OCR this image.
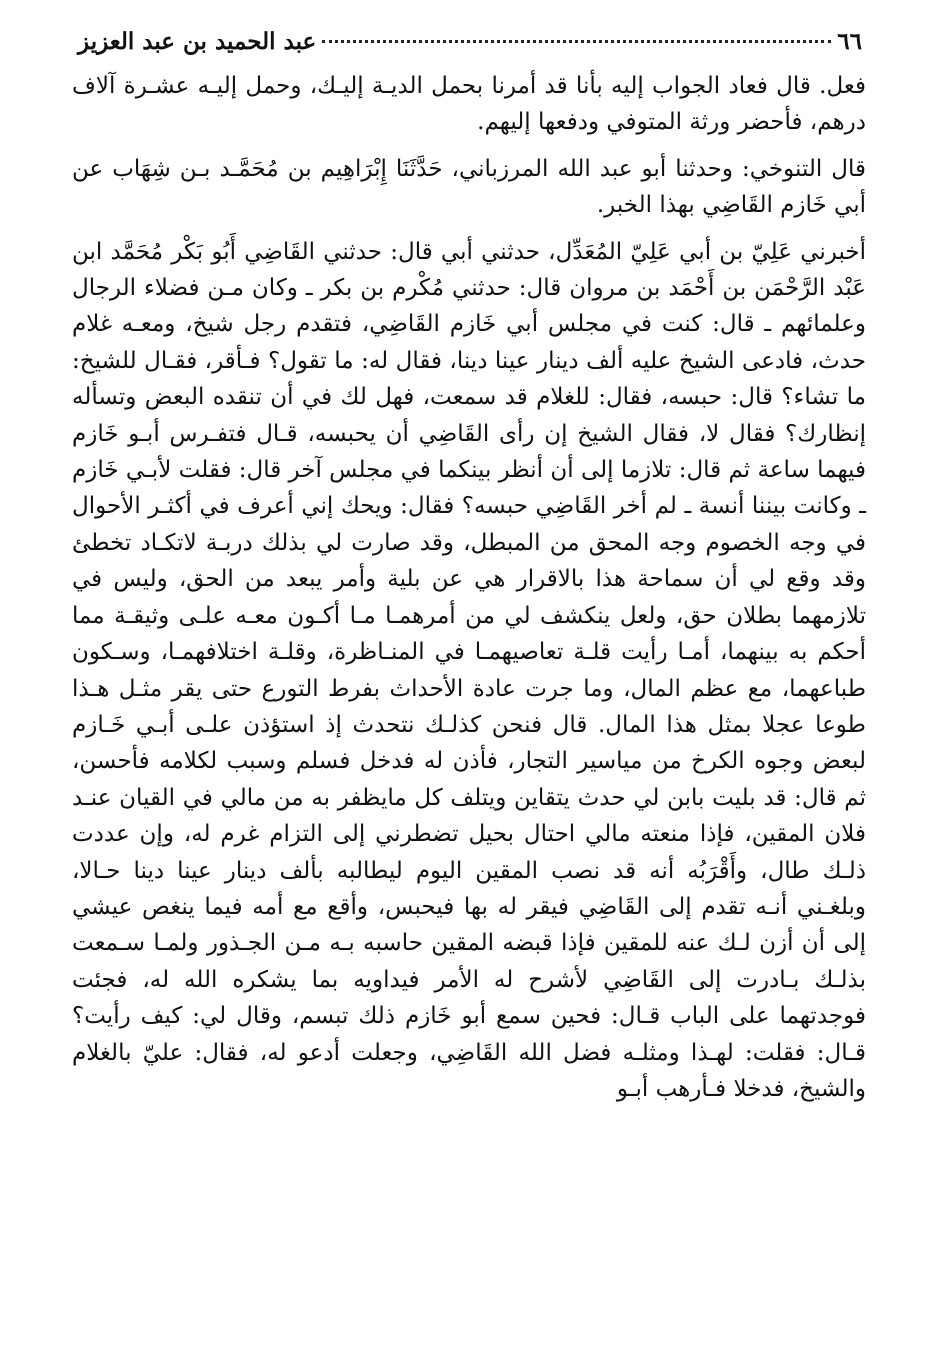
٦٦
عبد الحميد بن عبد العزيز

فعل. قال فعاد الجواب إليه بأنا قد أمرنا بحمل الديـة إليـك، وحمل إليـه عشـرة آلاف درهم، فأحضر ورثة المتوفي ودفعها إليهم.

قال التنوخي: وحدثنا أبو عبد الله المرزباني، حَدَّثَنَا إِبْرَاهِيم بن مُحَمَّـد بـن شِهَاب عن أبي خَازم القَاضِي بهذا الخبر.

أخبرني عَلِيّ بن أبي عَلِيّ المُعَدِّل، حدثني أبي قال: حدثني القَاضِي أَبُو بَكْر مُحَمَّد ابن عَبْد الرَّحْمَن بن أَحْمَد بن مروان قال: حدثني مُكْرم بن بكر ـ وكان مـن فضلاء الرجال وعلمائهم ـ قال: كنت في مجلس أبي خَازم القَاضِي، فتقدم رجل شيخ، ومعـه غلام حدث، فادعى الشيخ عليه ألف دينار عينا دينا، فقال له: ما تقول؟ فـأقر، فقـال للشيخ: ما تشاء؟ قال: حبسه، فقال: للغلام قد سمعت، فهل لك في أن تنقده البعض وتسأله إنظارك؟ فقال لا، فقال الشيخ إن رأى القَاضِي أن يحبسه، قـال فتفـرس أبـو خَازم فيهما ساعة ثم قال: تلازما إلى أن أنظر بينكما في مجلس آخر قال: فقلت لأبـي خَازم ـ وكانت بيننا أنسة ـ لم أخر القَاضِي حبسه؟ فقال: ويحك إني أعرف في أكثـر الأحوال في وجه الخصوم وجه المحق من المبطل، وقد صارت لي بذلك دربـة لاتكـاد تخطئ وقد وقع لي أن سماحة هذا بالاقرار هي عن بلية وأمر يبعد من الحق، وليس في تلازمهما بطلان حق، ولعل ينكشف لي من أمرهمـا مـا أكـون معـه علـى وثيقـة مما أحكم به بينهما، أمـا رأيت قلـة تعاصيهمـا في المنـاظرة، وقلـة اختلافهمـا، وسـكون طباعهما، مع عظم المال، وما جرت عادة الأحداث بفرط التورع حتى يقر مثـل هـذا طوعا عجلا بمثل هذا المال. قال فنحن كذلـك نتحدث إذ استؤذن علـى أبـي خَـازم لبعض وجوه الكرخ من مياسير التجار، فأذن له فدخل فسلم وسبب لكلامه فأحسن، ثم قال: قد بليت بابن لي حدث يتقاين ويتلف كل مايظفر به من مالي في القيان عنـد فلان المقين، فإذا منعته مالي احتال بحيل تضطرني إلى التزام غرم له، وإن عددت ذلـك طال، وأَقْرَبُه أنه قد نصب المقين اليوم ليطالبه بألف دينار عينا دينا حـالا، وبلغـني أنـه تقدم إلى القَاضِي فيقر له بها فيحبس، وأقع مع أمه فيما ينغص عيشي إلى أن أزن لـك عنه للمقين فإذا قبضه المقين حاسبه بـه مـن الجـذور ولمـا سـمعت بذلـك بـادرت إلى القَاضِي لأشرح له الأمر فيداويه بما يشكره الله له، فجئت فوجدتهما على الباب قـال: فحين سمع أبو خَازم ذلك تبسم، وقال لي: كيف رأيت؟ قـال: فقلت: لهـذا ومثلـه فضل الله القَاضِي، وجعلت أدعو له، فقال: عليّ بالغلام والشيخ، فدخلا فـأرهب أبـو
